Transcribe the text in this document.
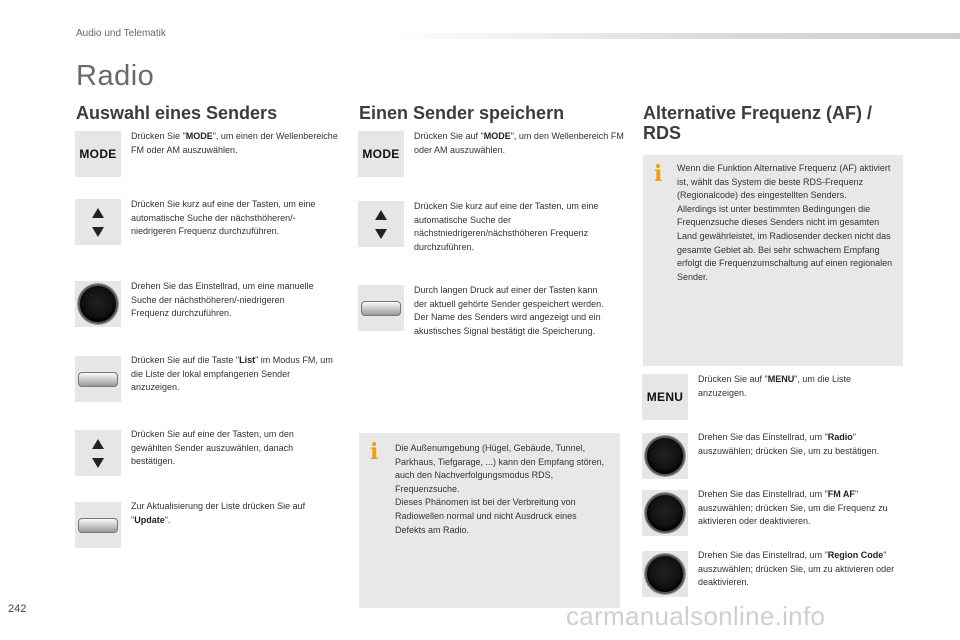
Audio und Telematik
Radio
Auswahl eines Senders
MODE
Drücken Sie "MODE", um einen der Wellenbereiche FM oder AM auszuwählen.
Drücken Sie kurz auf eine der Tasten, um eine automatische Suche der nächsthöheren/-niedrigeren Frequenz durchzuführen.
Drehen Sie das Einstellrad, um eine manuelle Suche der nächsthöheren/-niedrigeren Frequenz durchzuführen.
Drücken Sie auf die Taste "List" im Modus FM, um die Liste der lokal empfangenen Sender anzuzeigen.
Drücken Sie auf eine der Tasten, um den gewählten Sender auszuwählen, danach bestätigen.
Zur Aktualisierung der Liste drücken Sie auf "Update".
Einen Sender speichern
MODE
Drücken Sie auf "MODE", um den Wellenbereich FM oder AM auszuwählen.
Drücken Sie kurz auf eine der Tasten, um eine automatische Suche der nächstniedrigeren/nächsthöheren Frequenz durchzuführen.
Durch langen Druck auf einer der Tasten kann der aktuell gehörte Sender gespeichert werden. Der Name des Senders wird angezeigt und ein akustisches Signal bestätigt die Speicherung.
i Die Außenumgebung (Hügel, Gebäude, Tunnel, Parkhaus, Tiefgarage, ...) kann den Empfang stören, auch den Nachverfolgungsmodus RDS, Frequenzsuche.
Dieses Phänomen ist bei der Verbreitung von Radiowellen normal und nicht Ausdruck eines Defekts am Radio.
Alternative Frequenz (AF) / RDS
i Wenn die Funktion Alternative Frequenz (AF) aktiviert ist, wählt das System die beste RDS-Frequenz (Regionalcode) des eingestellten Senders.
Allerdings ist unter bestimmten Bedingungen die Frequenzsuche dieses Senders nicht im gesamten Land gewährleistet, im Radiosender decken nicht das gesamte Gebiet ab. Bei sehr schwachem Empfang erfolgt die Frequenzumschaltung auf einen regionalen Sender.
MENU
Drücken Sie auf "MENU", um die Liste anzuzeigen.
Drehen Sie das Einstellrad, um "Radio" auszuwählen; drücken Sie, um zu bestätigen.
Drehen Sie das Einstellrad, um "FM AF" auszuwählen; drücken Sie, um die Frequenz zu aktivieren oder deaktivieren.
Drehen Sie das Einstellrad, um "Region Code" auszuwählen; drücken Sie, um zu aktivieren oder deaktivieren.
242	carmanualsonline.info
